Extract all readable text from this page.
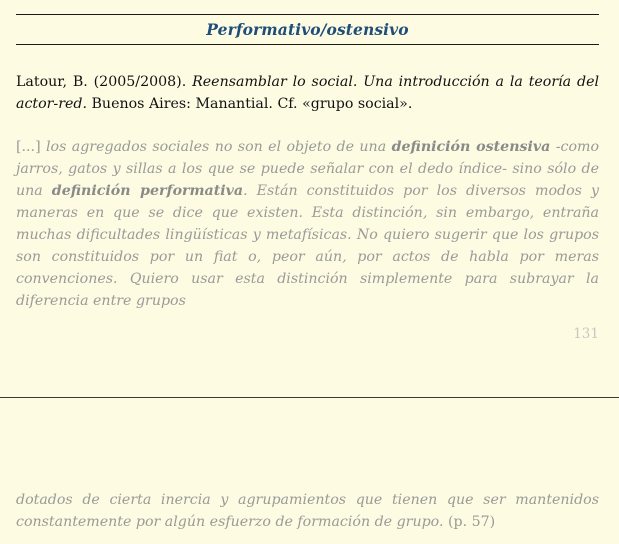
Performativo/ostensivo

Latour, B. (2005/2008). Reensamblar lo social. Una introducción a la teoría del actor-red. Buenos Aires: Manantial. Cf. «grupo social».

[...] los agregados sociales no son el objeto de una definición ostensiva -como jarros, gatos y sillas a los que se puede señalar con el dedo índice- sino sólo de una definición performativa. Están constituidos por los diversos modos y maneras en que se dice que existen. Esta distinción, sin embargo, entraña muchas dificultades lingüísticas y metafísicas. No quiero sugerir que los grupos son constituidos por un fiat o, peor aún, por actos de habla por meras convenciones. Quiero usar esta distinción simplemente para subrayar la diferencia entre grupos

131

dotados de cierta inercia y agrupamientos que tienen que ser mantenidos constantemente por algún esfuerzo de formación de grupo. (p. 57)
